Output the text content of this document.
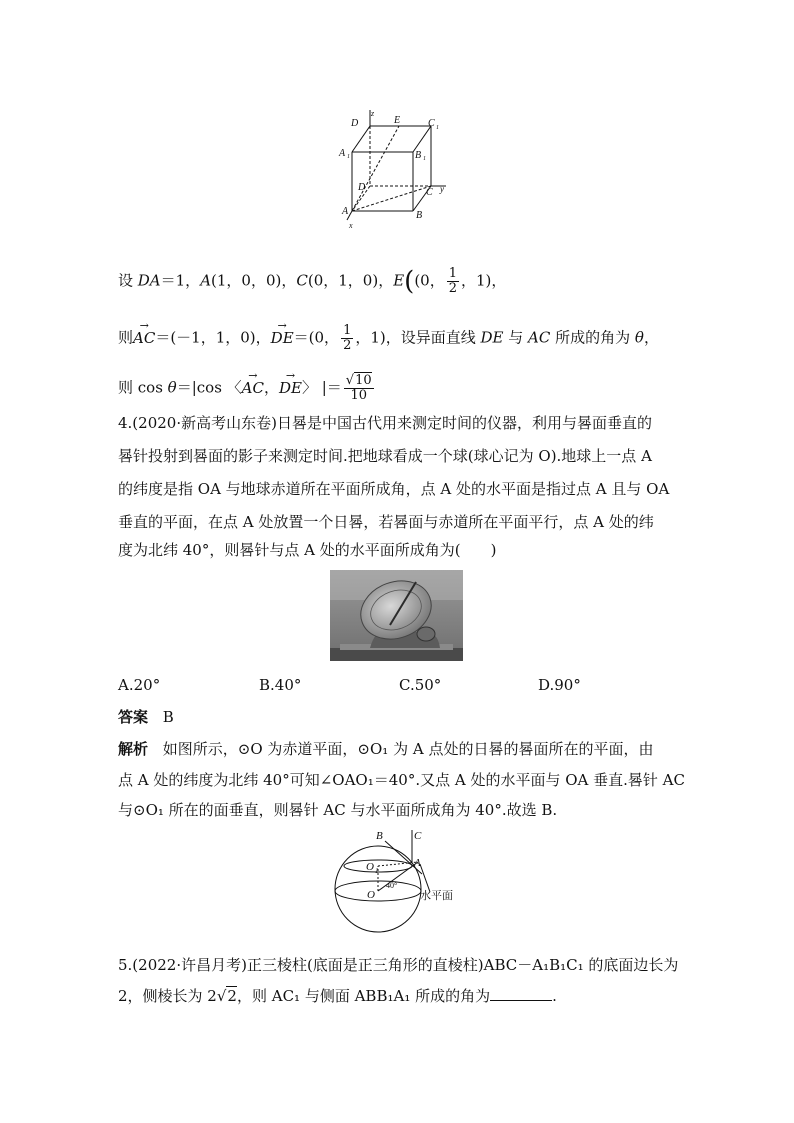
D
z
E	C 1
A 1	B 1
D	C y
A	B
x
设 DA＝1，A(1，0，0)，C(0，1，0)，E((0， $\frac{1}{2}$ ，1)，
则→ AC＝(－1，1，0)，→ DE＝(0， $\frac{1}{2}$ ，1)，设异面直线 DE 与 AC 所成的角为 θ，
则 cos θ＝|cos 〈→ AC，→ DE〉 |＝ $\frac{√10}{10}$
4.(2020·新高考山东卷)日晷是中国古代用来测定时间的仪器，利用与晷面垂直的
晷针投射到晷面的影子来测定时间.把地球看成一个球(球心记为 O).地球上一点 A
的纬度是指 OA 与地球赤道所在平面所成角，点 A 处的水平面是指过点 A 且与 OA
垂直的平面，在点 A 处放置一个日晷，若晷面与赤道所在平面平行，点 A 处的纬
度为北纬 40°，则晷针与点 A 处的水平面所成角为(　　)
A.20°	B.40°	C.50°	D.90°
答案 B
解析 如图所示，⊙O 为赤道平面，⊙O₁ 为 A 点处的日晷的晷面所在的平面，由
点 A 处的纬度为北纬 40°可知∠OAO₁＝40°.又点 A 处的水平面与 OA 垂直.晷针 AC
与⊙O₁ 所在的面垂直，则晷针 AC 与水平面所成角为 40°.故选 B.
B	C
O 1
A
40°
O	水平面
5.(2022·许昌月考)正三棱柱(底面是正三角形的直棱柱)ABC－A₁B₁C₁ 的底面边长为
2，侧棱长为 2√2，则 AC₁ 与侧面 ABB₁A₁ 所成的角为	.
